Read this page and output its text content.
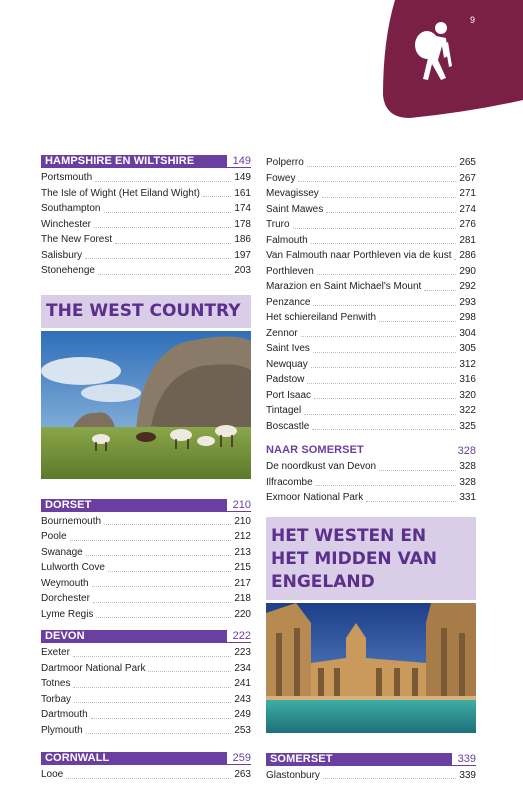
9
HAMPSHIRE EN WILTSHIRE	149
Portsmouth	149
The Isle of Wight (Het Eiland Wight)	161
Southampton	174
Winchester	178
The New Forest	186
Salisbury	197
Stonehenge	203
THE WEST COUNTRY
DORSET	210
Bournemouth	210
Poole	212
Swanage	213
Lulworth Cove	215
Weymouth	217
Dorchester	218
Lyme Regis	220
DEVON	222
Exeter	223
Dartmoor National Park	234
Totnes	241
Torbay	243
Dartmouth	249
Plymouth	253
CORNWALL	259
Looe	263
Polperro	265
Fowey	267
Mevagissey	271
Saint Mawes	274
Truro	276
Falmouth	281
Van Falmouth naar Porthleven via de kust 286
Porthleven	290
Marazion en Saint Michael's Mount	292
Penzance	293
Het schiereiland Penwith	298
Zennor	304
Saint Ives	305
Newquay	312
Padstow	316
Port Isaac	320
Tintagel	322
Boscastle	325
NAAR SOMERSET	328
De noordkust van Devon	328
Ilfracombe	328
Exmoor National Park	331
HET WESTEN EN
HET MIDDEN VAN
ENGELAND
SOMERSET	339
Glastonbury	339
